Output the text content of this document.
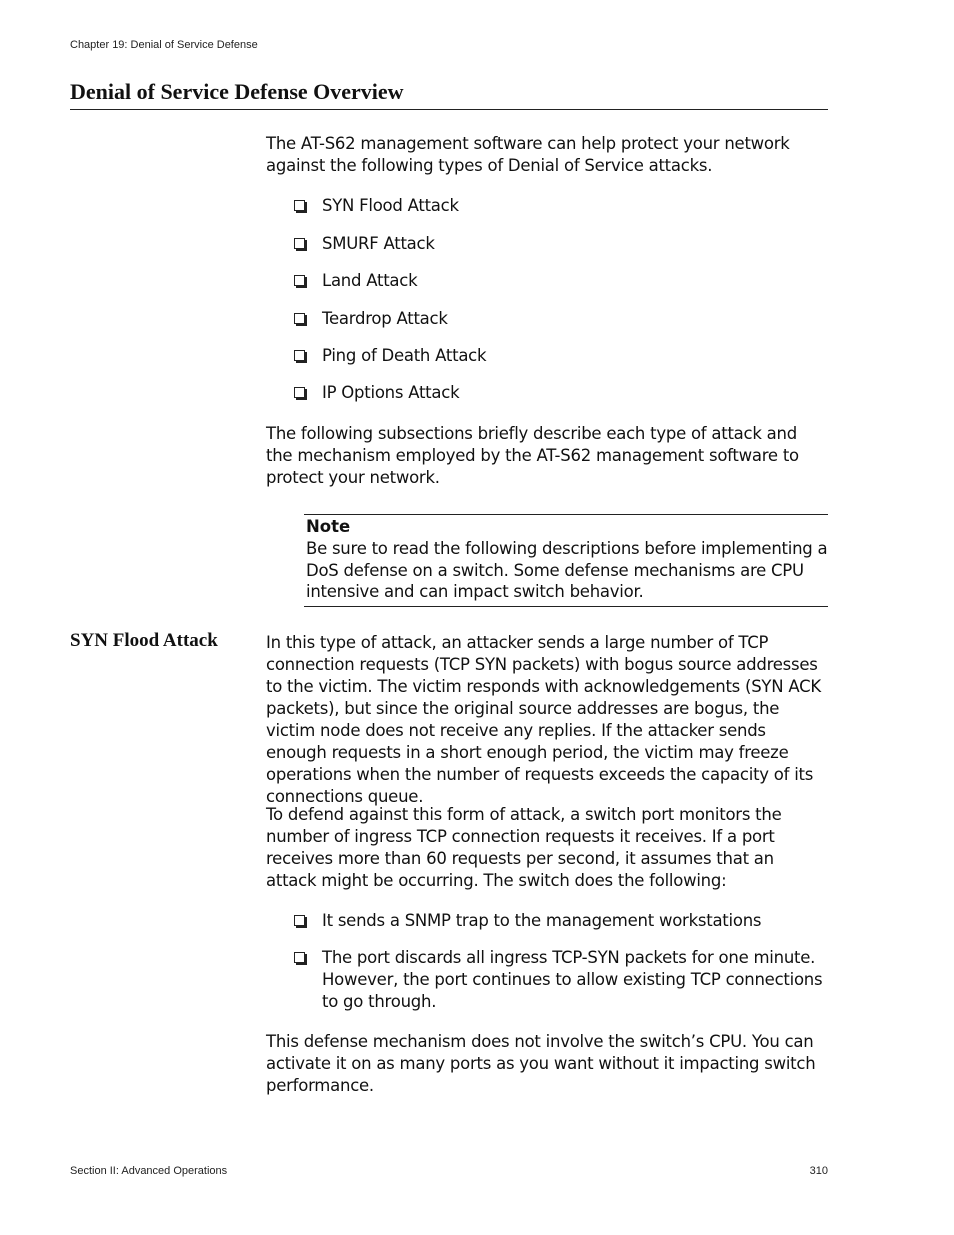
Chapter 19: Denial of Service Defense
Denial of Service Defense Overview

The AT-S62 management software can help protect your network against the following types of Denial of Service attacks.

SYN Flood Attack
SMURF Attack
Land Attack
Teardrop Attack
Ping of Death Attack
IP Options Attack

The following subsections briefly describe each type of attack and the mechanism employed by the AT-S62 management software to protect your network.

Note

Be sure to read the following descriptions before implementing a DoS defense on a switch. Some defense mechanisms are CPU intensive and can impact switch behavior.

SYN Flood Attack	In this type of attack, an attacker sends a large number of TCP connection requests (TCP SYN packets) with bogus source addresses to the victim. The victim responds with acknowledgements (SYN ACK packets), but since the original source addresses are bogus, the victim node does not receive any replies. If the attacker sends enough requests in a short enough period, the victim may freeze operations when the number of requests exceeds the capacity of its connections queue.

To defend against this form of attack, a switch port monitors the number of ingress TCP connection requests it receives. If a port receives more than 60 requests per second, it assumes that an attack might be occurring. The switch does the following:

It sends a SNMP trap to the management workstations
The port discards all ingress TCP-SYN packets for one minute. However, the port continues to allow existing TCP connections to go through.

This defense mechanism does not involve the switch’s CPU. You can activate it on as many ports as you want without it impacting switch performance.

Section II: Advanced Operations	310
